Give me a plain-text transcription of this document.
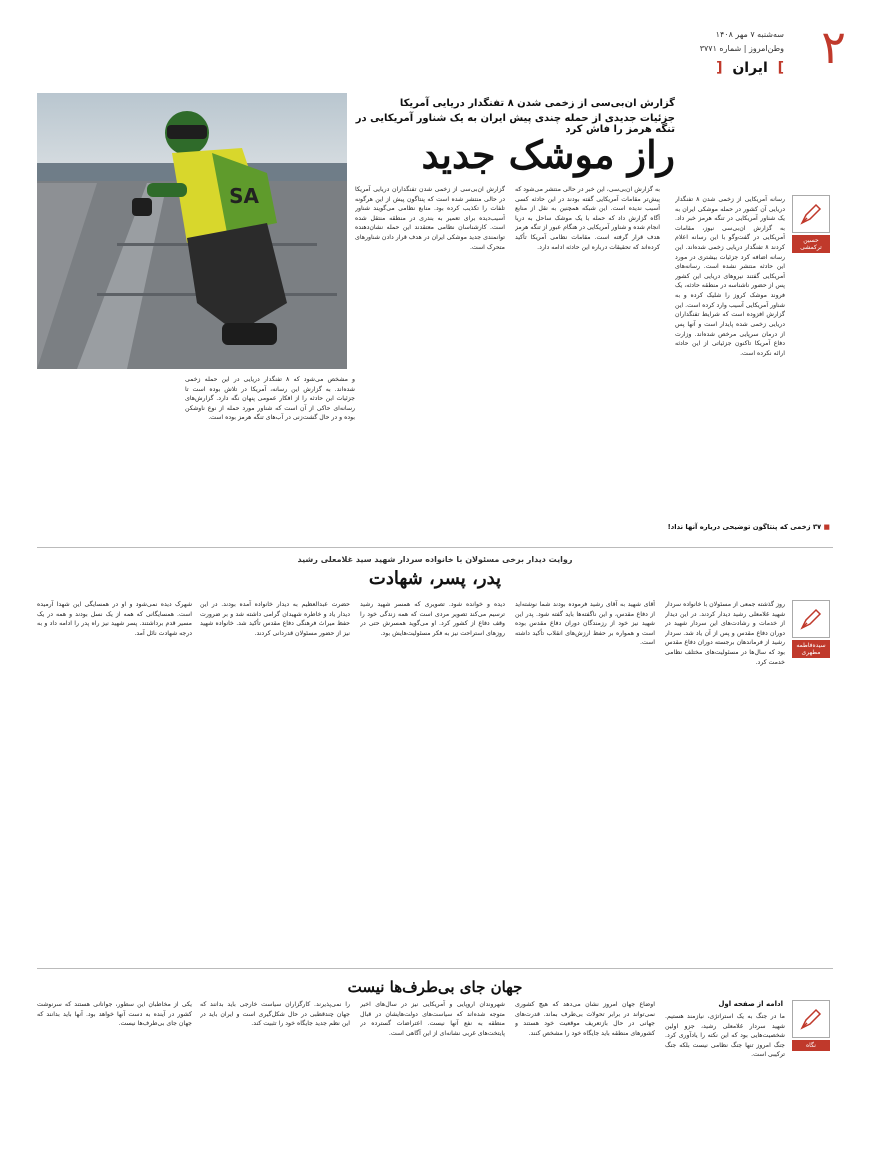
۲
سه‌شنبه ۷ مهر ۱۴۰۸
وطن‌امروز | شماره ۳۷۷۱
]  ایران  [
SA
گزارش ان‌بی‌سی از زخمی شدن ۸ تفنگدار دریایی آمریکا
جزئیات جدیدی از حمله چندی پیش ایران به یک شناور آمریکایی در تنگه هرمز را فاش کرد
راز موشک جدید
حسین ترکمشی

رسانه آمریکایی از زخمی شدن ۸ تفنگدار دریایی آن کشور در حمله موشکی ایران به یک شناور آمریکایی در تنگه هرمز خبر داد. به گزارش ان‌بی‌سی نیوز، مقامات آمریکایی در گفت‌وگو با این رسانه اعلام کردند ۸ تفنگدار دریایی زخمی شده‌اند. این رسانه اضافه کرد جزئیات بیشتری در مورد این حادثه منتشر نشده است. رسانه‌های آمریکایی گفتند نیروهای دریایی این کشور پس از حضور ناشناسه در منطقه حادثه، یک فروند موشک کروز را شلیک کرده و به شناور آمریکایی آسیب وارد کرده است. این گزارش افزوده است که شرایط تفنگداران دریایی زخمی شده پایدار است و آنها پس از درمان سرپایی مرخص شده‌اند. وزارت دفاع آمریکا تاکنون جزئیاتی از این حادثه ارائه نکرده است.

به گزارش ان‌بی‌سی، این خبر در حالی منتشر می‌شود که پیش‌تر مقامات آمریکایی گفته بودند در این حادثه کسی آسیب ندیده است. این شبکه همچنین به نقل از منابع آگاه گزارش داد که حمله با یک موشک ساحل به دریا انجام شده و شناور آمریکایی در هنگام عبور از تنگه هرمز هدف قرار گرفته است. مقامات نظامی آمریکا تأکید کرده‌اند که تحقیقات درباره این حادثه ادامه دارد.

گزارش ان‌بی‌سی از زخمی شدن تفنگداران دریایی آمریکا در حالی منتشر شده است که پنتاگون پیش از این هرگونه تلفات را تکذیب کرده بود. منابع نظامی می‌گویند شناور آسیب‌دیده برای تعمیر به بندری در منطقه منتقل شده است. کارشناسان نظامی معتقدند این حمله نشان‌دهنده توانمندی جدید موشکی ایران در هدف قرار دادن شناورهای متحرک است.

و مشخص می‌شود که ۸ تفنگدار دریایی در این حمله زخمی شده‌اند. به گزارش این رسانه، آمریکا در تلاش بوده است تا جزئیات این حادثه را از افکار عمومی پنهان نگه دارد. گزارش‌های رسانه‌ای حاکی از آن است که شناور مورد حمله از نوع ناوشکن بوده و در حال گشت‌زنی در آب‌های تنگه هرمز بوده است.

■ ۳۷ زخمی که پنتاگون توضیحی درباره آنها نداد!
روایت دیدار برخی مسئولان با خانواده سردار شهید سید غلامعلی رشید
پدر، پسر، شهادت
سیده‌فاطمه مطهری

روز گذشته جمعی از مسئولان با خانواده سردار شهید غلامعلی رشید دیدار کردند. در این دیدار از خدمات و رشادت‌های این سردار شهید در دوران دفاع مقدس و پس از آن یاد شد. سردار رشید از فرماندهان برجسته دوران دفاع مقدس بود که سال‌ها در مسئولیت‌های مختلف نظامی خدمت کرد.

آقای شهید به آقای رشید فرموده بودند شما نوشته‌اید از دفاع مقدس، و این ناگفته‌ها باید گفته شود. پدر این شهید نیز خود از رزمندگان دوران دفاع مقدس بوده است و همواره بر حفظ ارزش‌های انقلاب تأکید داشته است.

دیده و خوانده شود. تصویری که همسر شهید رشید ترسیم می‌کند تصویر مردی است که همه زندگی خود را وقف دفاع از کشور کرد. او می‌گوید همسرش حتی در روزهای استراحت نیز به فکر مسئولیت‌هایش بود.

حضرت عبدالعظیم به دیدار خانواده آمده بودند. در این دیدار یاد و خاطره شهیدان گرامی داشته شد و بر ضرورت حفظ میراث فرهنگی دفاع مقدس تأکید شد. خانواده شهید نیز از حضور مسئولان قدردانی کردند.

شهرک دیده نمی‌شود و او در همسایگی این شهدا آرمیده است. همسایگانی که همه از یک نسل بودند و همه در یک مسیر قدم برداشتند. پسر شهید نیز راه پدر را ادامه داد و به درجه شهادت نائل آمد.

جهان جای بی‌طرف‌ها نیست
نگاه
ادامه از صفحه اول

ما در جنگ به یک استراتژی، نیازمند هستیم. شهید سردار غلامعلی رشید، جزو اولین شخصیت‌هایی بود که این نکته را یادآوری کرد. جنگ امروز تنها جنگ نظامی نیست بلکه جنگ ترکیبی است.

اوضاع جهان امروز نشان می‌دهد که هیچ کشوری نمی‌تواند در برابر تحولات بی‌طرف بماند. قدرت‌های جهانی در حال بازتعریف موقعیت خود هستند و کشورهای منطقه باید جایگاه خود را مشخص کنند.

شهروندان اروپایی و آمریکایی نیز در سال‌های اخیر متوجه شده‌اند که سیاست‌های دولت‌هایشان در قبال منطقه به نفع آنها نیست. اعتراضات گسترده در پایتخت‌های غربی نشانه‌ای از این آگاهی است.

را نمی‌پذیرند. کارگزاران سیاست خارجی باید بدانند که جهان چندقطبی در حال شکل‌گیری است و ایران باید در این نظم جدید جایگاه خود را تثبیت کند.

یکی از مخاطبان این سطور، جوانانی هستند که سرنوشت کشور در آینده به دست آنها خواهد بود. آنها باید بدانند که جهان جای بی‌طرف‌ها نیست.
